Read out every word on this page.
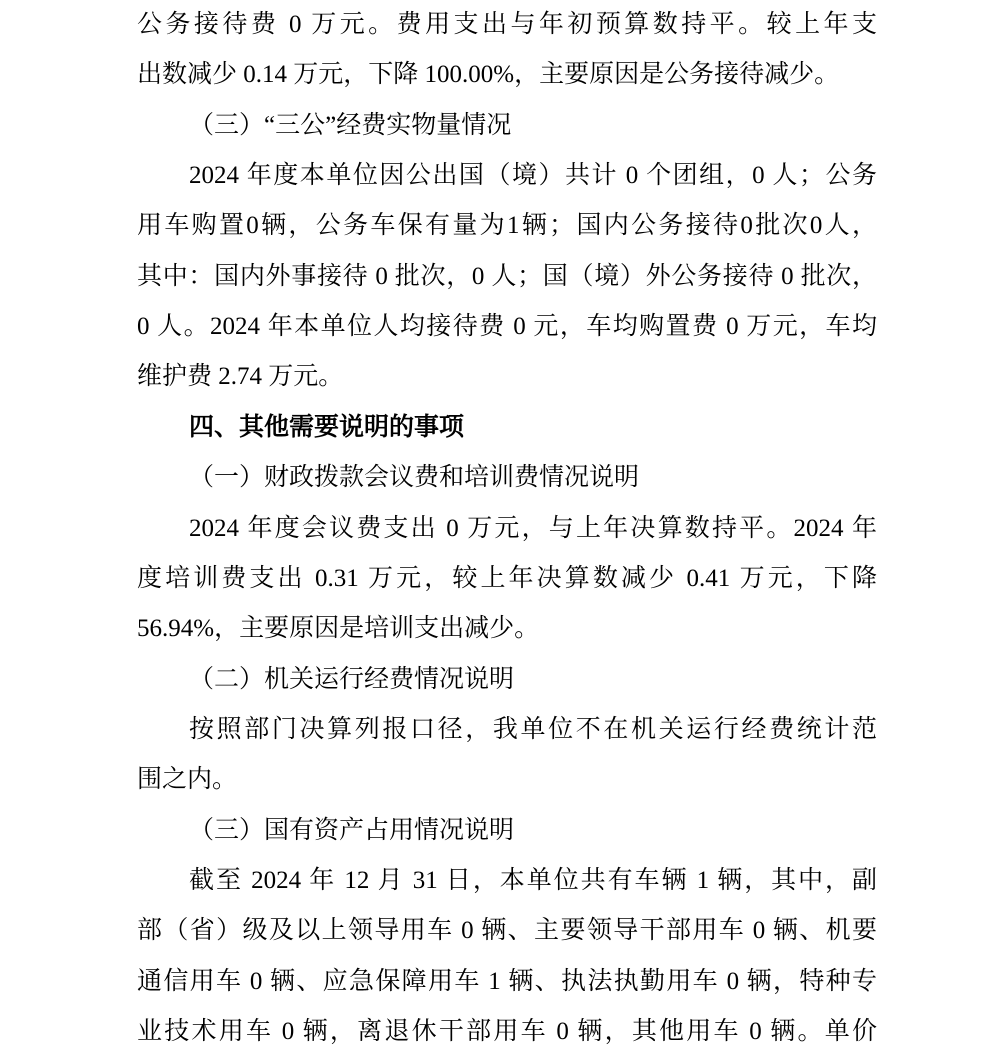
公务接待费 0 万元。费用支出与年初预算数持平。较上年支
出数减少 0.14 万元，下降 100.00%，主要原因是公务接待减少。
（三）“三公”经费实物量情况
2024 年度本单位因公出国（境）共计 0 个团组，0 人；公务
用车购置0辆，公务车保有量为1辆；国内公务接待0批次0人，
其中：国内外事接待 0 批次，0 人；国（境）外公务接待 0 批次，
0 人。2024 年本单位人均接待费 0 元，车均购置费 0 万元，车均
维护费 2.74 万元。
四、其他需要说明的事项
（一）财政拨款会议费和培训费情况说明
2024 年度会议费支出 0 万元，与上年决算数持平。2024 年
度培训费支出 0.31 万元，较上年决算数减少 0.41 万元，下降
56.94%，主要原因是培训支出减少。
（二）机关运行经费情况说明
按照部门决算列报口径，我单位不在机关运行经费统计范
围之内。
（三）国有资产占用情况说明
截至 2024 年 12 月 31 日，本单位共有车辆 1 辆，其中，副
部（省）级及以上领导用车 0 辆、主要领导干部用车 0 辆、机要
通信用车 0 辆、应急保障用车 1 辆、执法执勤用车 0 辆，特种专
业技术用车 0 辆，离退休干部用车 0 辆，其他用车 0 辆。单价
